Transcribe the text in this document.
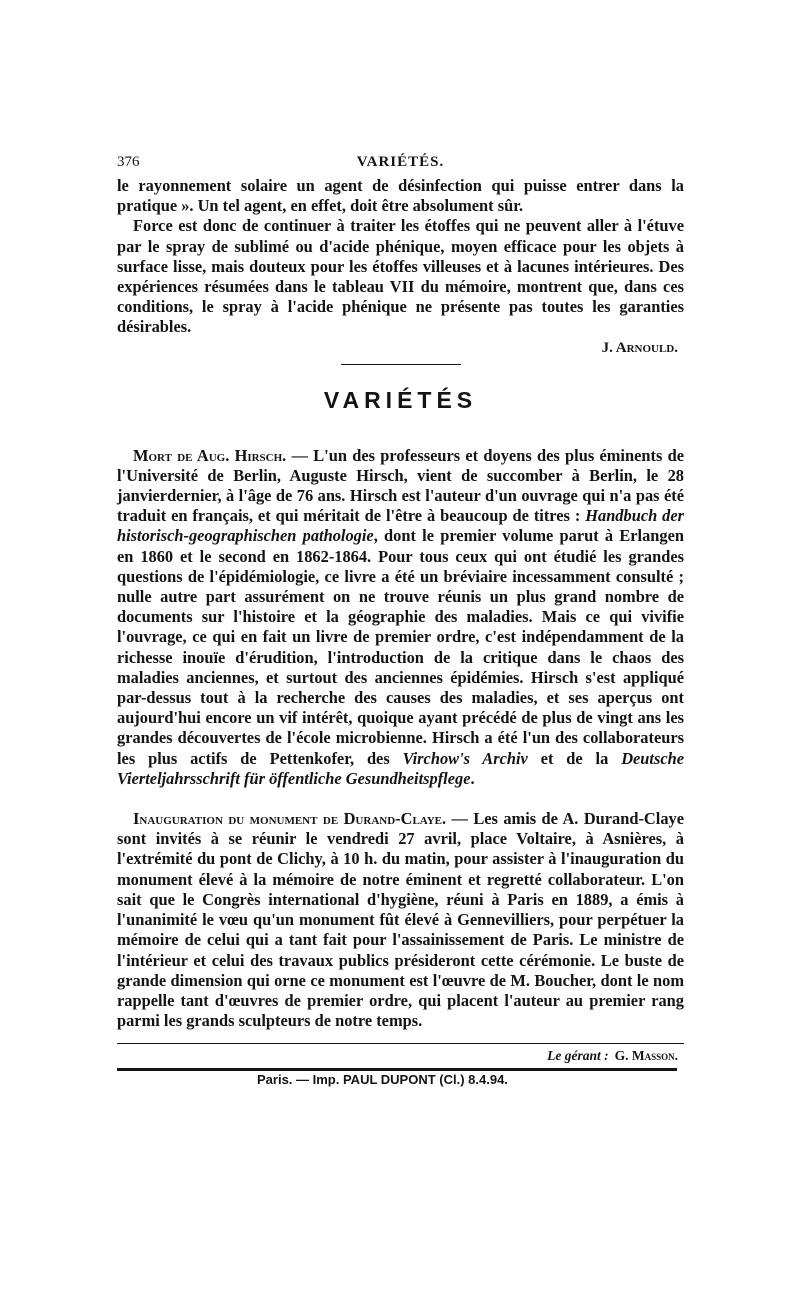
376	VARIÉTÉS.

le rayonnement solaire un agent de désinfection qui puisse entrer dans la pratique ». Un tel agent, en effet, doit être absolument sûr.

Force est donc de continuer à traiter les étoffes qui ne peuvent aller à l'étuve par le spray de sublimé ou d'acide phénique, moyen efficace pour les objets à surface lisse, mais douteux pour les étoffes villeuses et à lacunes intérieures. Des expériences résumées dans le tableau VII du mémoire, montrent que, dans ces conditions, le spray à l'acide phénique ne présente pas toutes les garanties désirables.

J. Arnould.
VARIÉTÉS

Mort de Aug. Hirsch. — L'un des professeurs et doyens des plus éminents de l'Université de Berlin, Auguste Hirsch, vient de succomber à Berlin, le 28 janvierdernier, à l'âge de 76 ans. Hirsch est l'auteur d'un ouvrage qui n'a pas été traduit en français, et qui méritait de l'être à beaucoup de titres : Handbuch der historisch-geographischen pathologie, dont le premier volume parut à Erlangen en 1860 et le second en 1862-1864. Pour tous ceux qui ont étudié les grandes questions de l'épidémiologie, ce livre a été un bréviaire incessamment consulté ; nulle autre part assurément on ne trouve réunis un plus grand nombre de documents sur l'histoire et la géographie des maladies. Mais ce qui vivifie l'ouvrage, ce qui en fait un livre de premier ordre, c'est indépendamment de la richesse inouïe d'érudition, l'introduction de la critique dans le chaos des maladies anciennes, et surtout des anciennes épidémies. Hirsch s'est appliqué par-dessus tout à la recherche des causes des maladies, et ses aperçus ont aujourd'hui encore un vif intérêt, quoique ayant précédé de plus de vingt ans les grandes découvertes de l'école microbienne. Hirsch a été l'un des collaborateurs les plus actifs de Pettenkofer, des Virchow's Archiv et de la Deutsche Vierteljahrsschrift für öffentliche Gesundheitspflege.

Inauguration du monument de Durand-Claye. — Les amis de A. Durand-Claye sont invités à se réunir le vendredi 27 avril, place Voltaire, à Asnières, à l'extrémité du pont de Clichy, à 10 h. du matin, pour assister à l'inauguration du monument élevé à la mémoire de notre éminent et regretté collaborateur. L'on sait que le Congrès international d'hygiène, réuni à Paris en 1889, a émis à l'unanimité le vœu qu'un monument fût élevé à Gennevilliers, pour perpétuer la mémoire de celui qui a tant fait pour l'assainissement de Paris. Le ministre de l'intérieur et celui des travaux publics présideront cette cérémonie. Le buste de grande dimension qui orne ce monument est l'œuvre de M. Boucher, dont le nom rappelle tant d'œuvres de premier ordre, qui placent l'auteur au premier rang parmi les grands sculpteurs de notre temps.

Le gérant : G. Masson.
Paris. — Imp. PAUL DUPONT (Cl.) 8.4.94.
